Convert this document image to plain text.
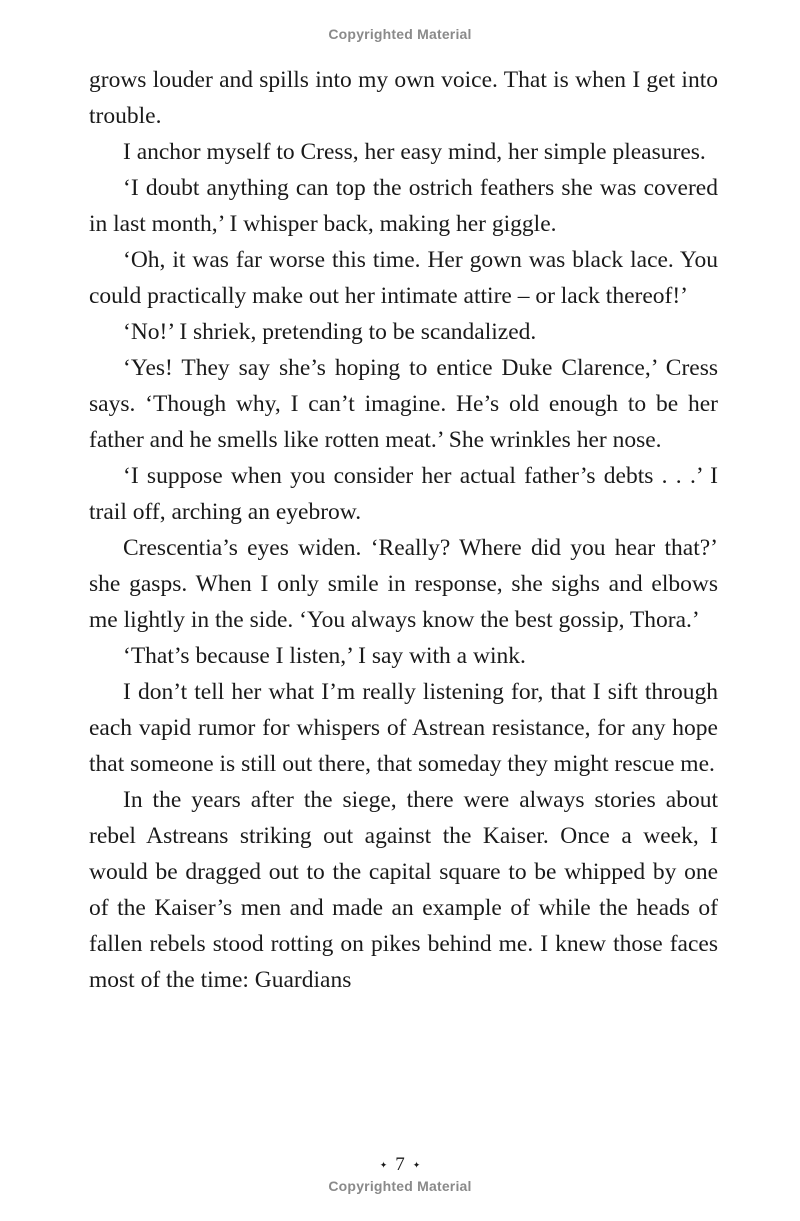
Copyrighted Material

grows louder and spills into my own voice. That is when I get into trouble.

I anchor myself to Cress, her easy mind, her simple pleasures.

‘I doubt anything can top the ostrich feathers she was covered in last month,’ I whisper back, making her giggle.

‘Oh, it was far worse this time. Her gown was black lace. You could practically make out her intimate attire – or lack thereof!’

‘No!’ I shriek, pretending to be scandalized.

‘Yes! They say she’s hoping to entice Duke Clarence,’ Cress says. ‘Though why, I can’t imagine. He’s old enough to be her father and he smells like rotten meat.’ She wrinkles her nose.

‘I suppose when you consider her actual father’s debts . . .’ I trail off, arching an eyebrow.

Crescentia’s eyes widen. ‘Really? Where did you hear that?’ she gasps. When I only smile in response, she sighs and elbows me lightly in the side. ‘You always know the best gossip, Thora.’

‘That’s because I listen,’ I say with a wink.

I don’t tell her what I’m really listening for, that I sift through each vapid rumor for whispers of Astrean resistance, for any hope that someone is still out there, that someday they might rescue me.

In the years after the siege, there were always stories about rebel Astreans striking out against the Kaiser. Once a week, I would be dragged out to the capital square to be whipped by one of the Kaiser’s men and made an example of while the heads of fallen rebels stood rotting on pikes behind me. I knew those faces most of the time: Guardians

✦ 7 ✦
Copyrighted Material
